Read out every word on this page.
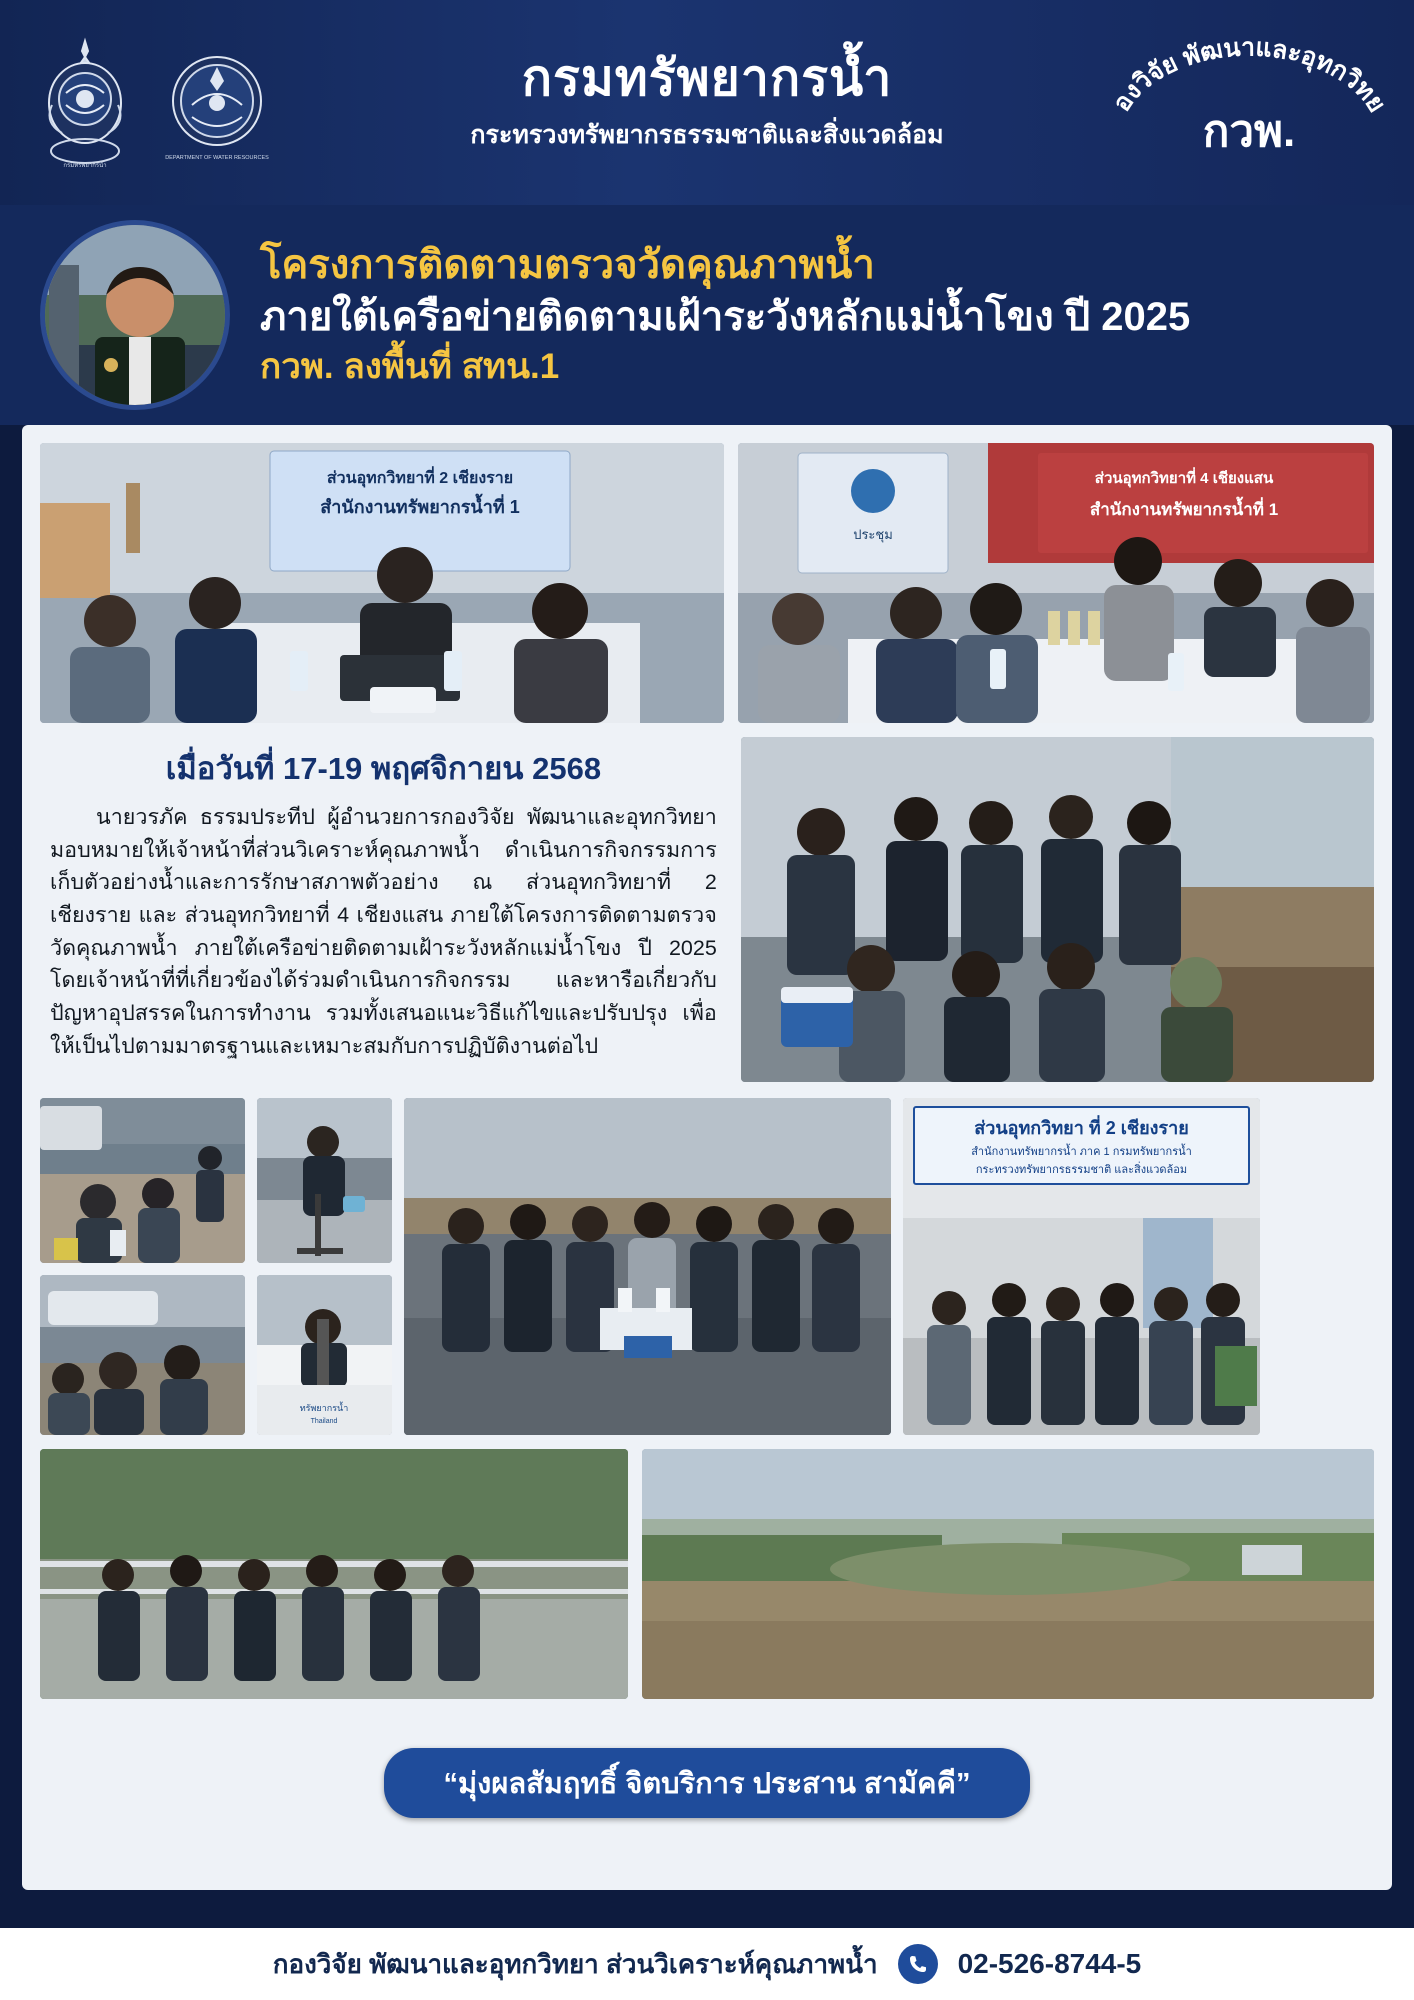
กรมทรัพยากรน้ำ
DEPARTMENT OF WATER RESOURCES
กรมทรัพยากรน้ำ
กระทรวงทรัพยากรธรรมชาติและสิ่งแวดล้อม
กองวิจัย พัฒนาและอุทกวิทยา
กวพ.
โครงการติดตามตรวจวัดคุณภาพน้ำ
ภายใต้เครือข่ายติดตามเฝ้าระวังหลักแม่น้ำโขง ปี 2025
กวพ. ลงพื้นที่ สทน.1
ส่วนอุทกวิทยาที่ 2 เชียงราย
สำนักงานทรัพยากรน้ำที่ 1
ประชุม
ส่วนอุทกวิทยาที่ 4 เชียงแสน
สำนักงานทรัพยากรน้ำที่ 1
เมื่อวันที่ 17-19 พฤศจิกายน 2568
นายวรภัค ธรรมประทีป ผู้อำนวยการกองวิจัย พัฒนาและอุทกวิทยา มอบหมายให้เจ้าหน้าที่ส่วนวิเคราะห์คุณภาพน้ำ ดำเนินการกิจกรรมการเก็บตัวอย่างน้ำและการรักษาสภาพตัวอย่าง ณ ส่วนอุทกวิทยาที่ 2 เชียงราย และ ส่วนอุทกวิทยาที่ 4 เชียงแสน ภายใต้โครงการติดตามตรวจวัดคุณภาพน้ำ ภายใต้เครือข่ายติดตามเฝ้าระวังหลักแม่น้ำโขง ปี 2025 โดยเจ้าหน้าที่ที่เกี่ยวข้องได้ร่วมดำเนินการกิจกรรม และหารือเกี่ยวกับปัญหาอุปสรรคในการทำงาน รวมทั้งเสนอแนะวิธีแก้ไขและปรับปรุง เพื่อให้เป็นไปตามมาตรฐานและเหมาะสมกับการปฏิบัติงานต่อไป
ทรัพยากรน้ำ
Thailand
ส่วนอุทกวิทยา ที่ 2 เชียงราย
สำนักงานทรัพยากรน้ำ ภาค 1 กรมทรัพยากรน้ำ
กระทรวงทรัพยากรธรรมชาติ และสิ่งแวดล้อม
“มุ่งผลสัมฤทธิ์ จิตบริการ ประสาน สามัคคี”
กองวิจัย พัฒนาและอุทกวิทยา ส่วนวิเคราะห์คุณภาพน้ำ	02-526-8744-5
